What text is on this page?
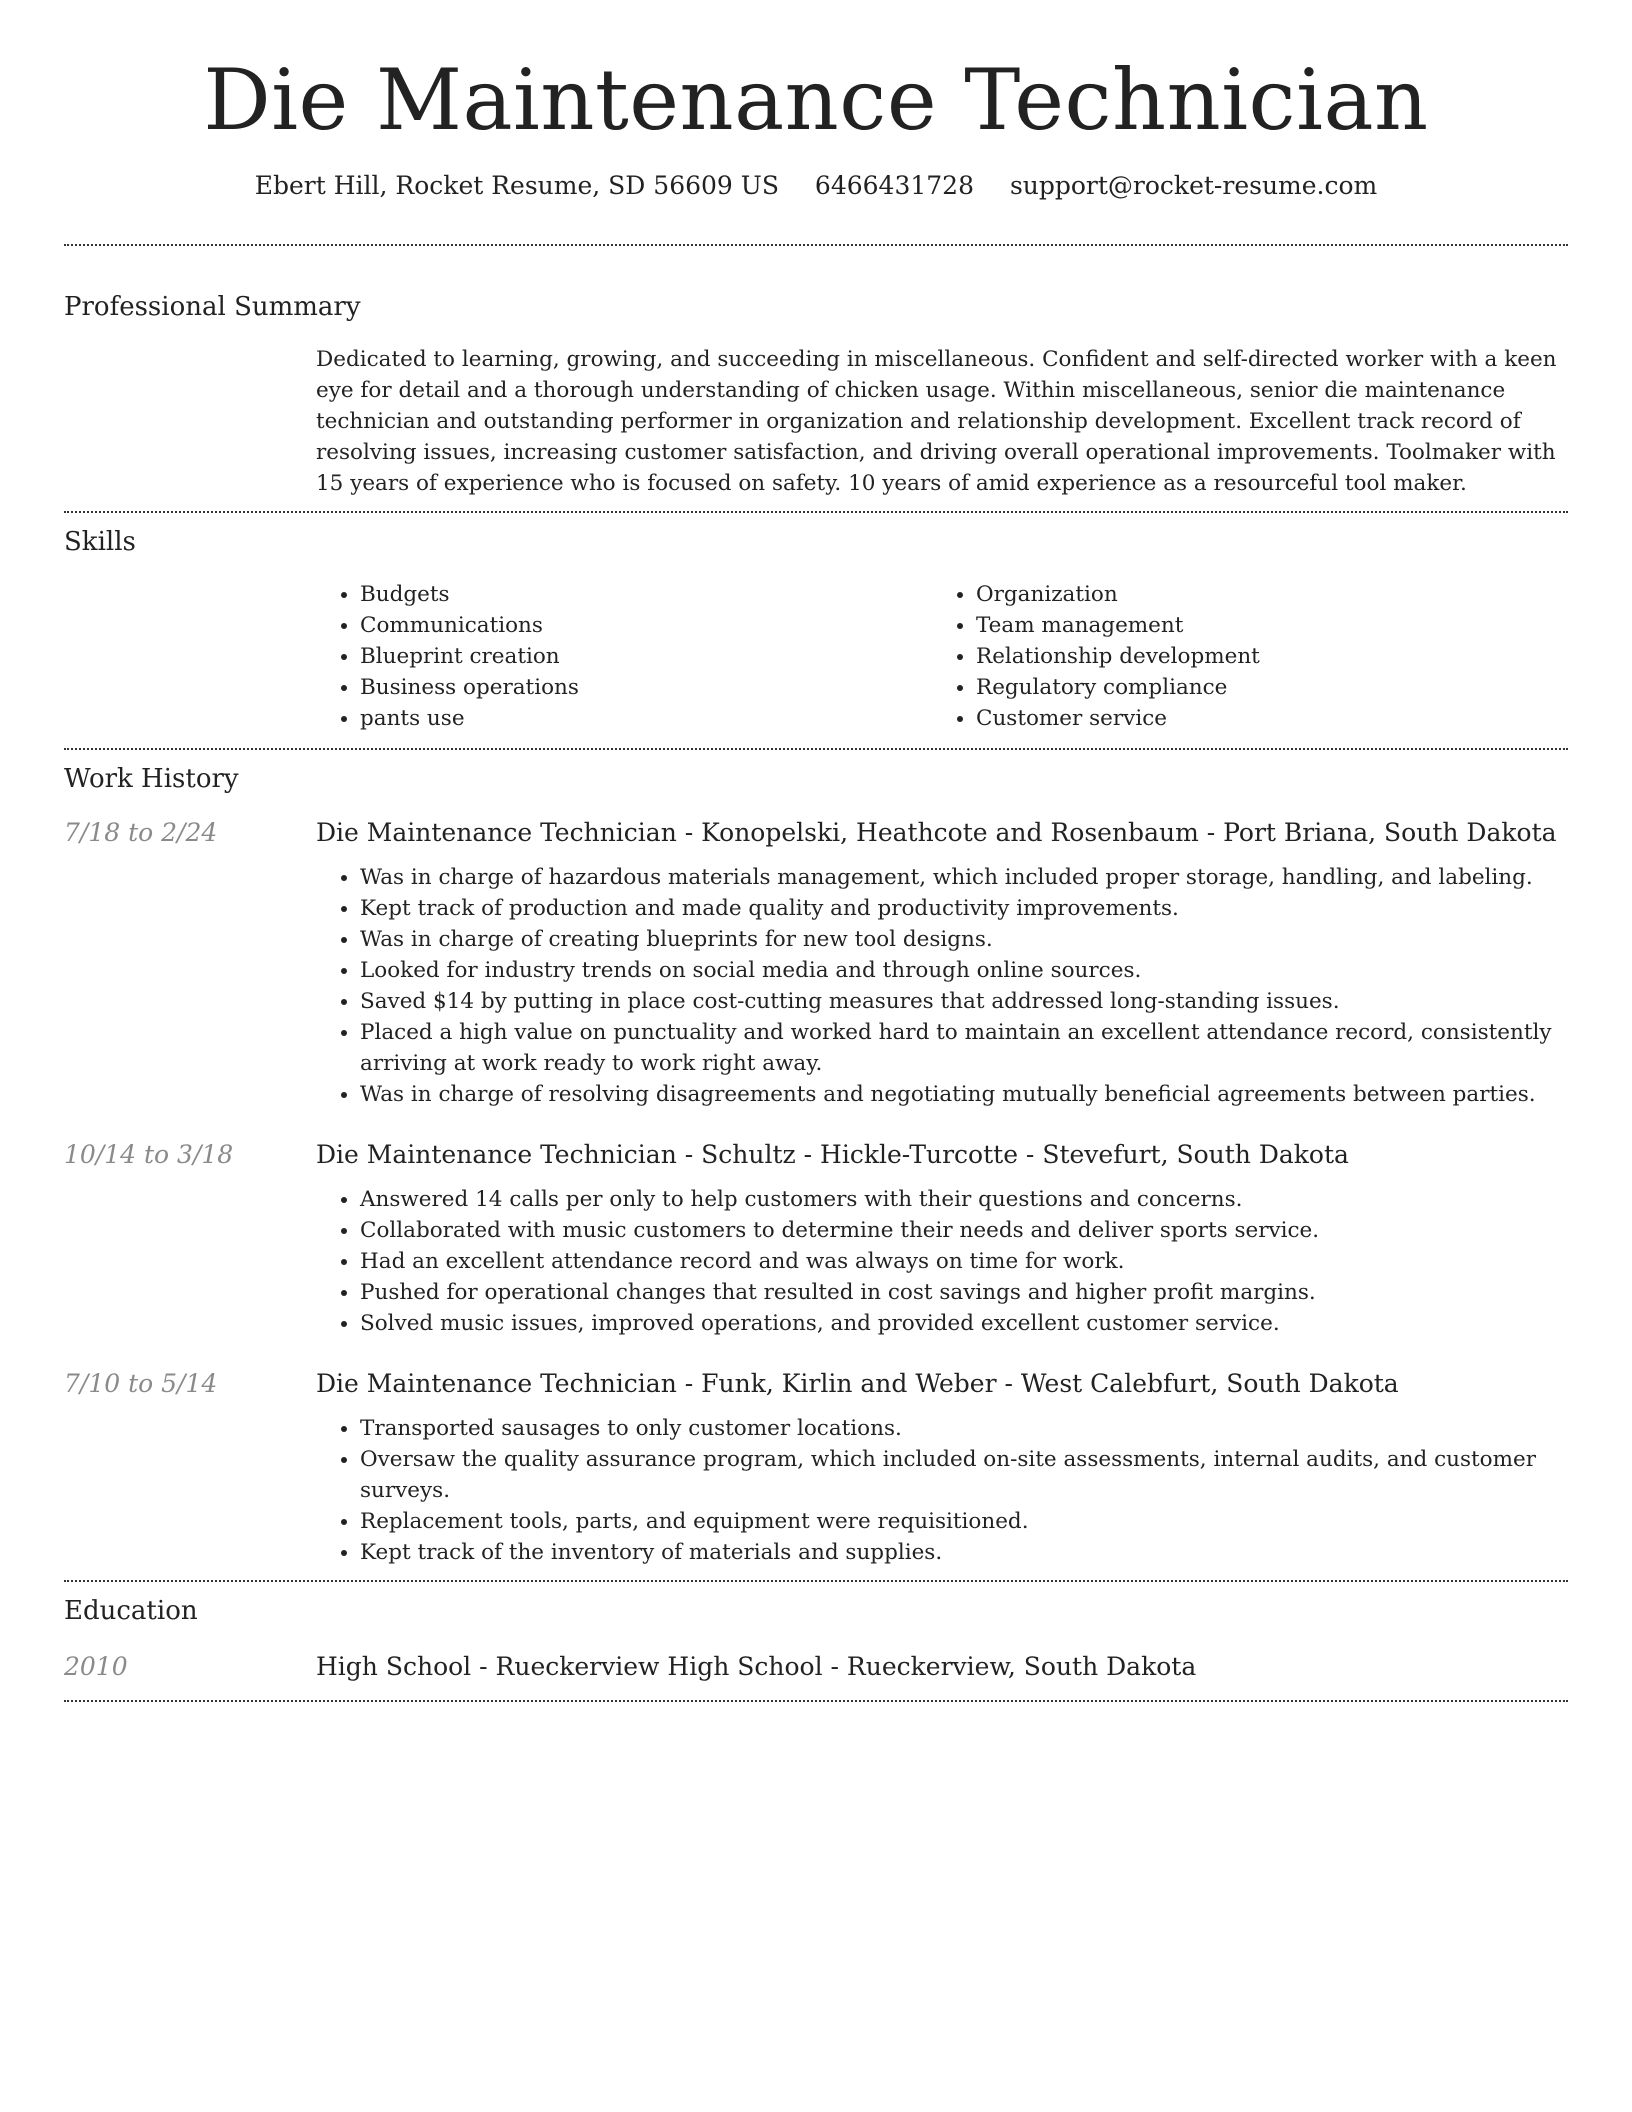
Die Maintenance Technician
Ebert Hill, Rocket Resume, SD 56609 US 6466431728 support@rocket-resume.com
Professional Summary
Dedicated to learning, growing, and succeeding in miscellaneous. Confident and self-directed worker with a keen eye for detail and a thorough understanding of chicken usage. Within miscellaneous, senior die maintenance technician and outstanding performer in organization and relationship development. Excellent track record of resolving issues, increasing customer satisfaction, and driving overall operational improvements. Toolmaker with 15 years of experience who is focused on safety. 10 years of amid experience as a resourceful tool maker.
Skills
• Budgets
• Communications
• Blueprint creation
• Business operations
• pants use
• Organization
• Team management
• Relationship development
• Regulatory compliance
• Customer service
Work History
7/18 to 2/24	Die Maintenance Technician - Konopelski, Heathcote and Rosenbaum - Port Briana, South Dakota
• Was in charge of hazardous materials management, which included proper storage, handling, and labeling.
• Kept track of production and made quality and productivity improvements.
• Was in charge of creating blueprints for new tool designs.
• Looked for industry trends on social media and through online sources.
• Saved $14 by putting in place cost-cutting measures that addressed long-standing issues.
• Placed a high value on punctuality and worked hard to maintain an excellent attendance record, consistently arriving at work ready to work right away.
• Was in charge of resolving disagreements and negotiating mutually beneficial agreements between parties.
10/14 to 3/18	Die Maintenance Technician - Schultz - Hickle-Turcotte - Stevefurt, South Dakota
• Answered 14 calls per only to help customers with their questions and concerns.
• Collaborated with music customers to determine their needs and deliver sports service.
• Had an excellent attendance record and was always on time for work.
• Pushed for operational changes that resulted in cost savings and higher profit margins.
• Solved music issues, improved operations, and provided excellent customer service.
7/10 to 5/14	Die Maintenance Technician - Funk, Kirlin and Weber - West Calebfurt, South Dakota
• Transported sausages to only customer locations.
• Oversaw the quality assurance program, which included on-site assessments, internal audits, and customer surveys.
• Replacement tools, parts, and equipment were requisitioned.
• Kept track of the inventory of materials and supplies.
Education
2010	High School - Rueckerview High School - Rueckerview, South Dakota
